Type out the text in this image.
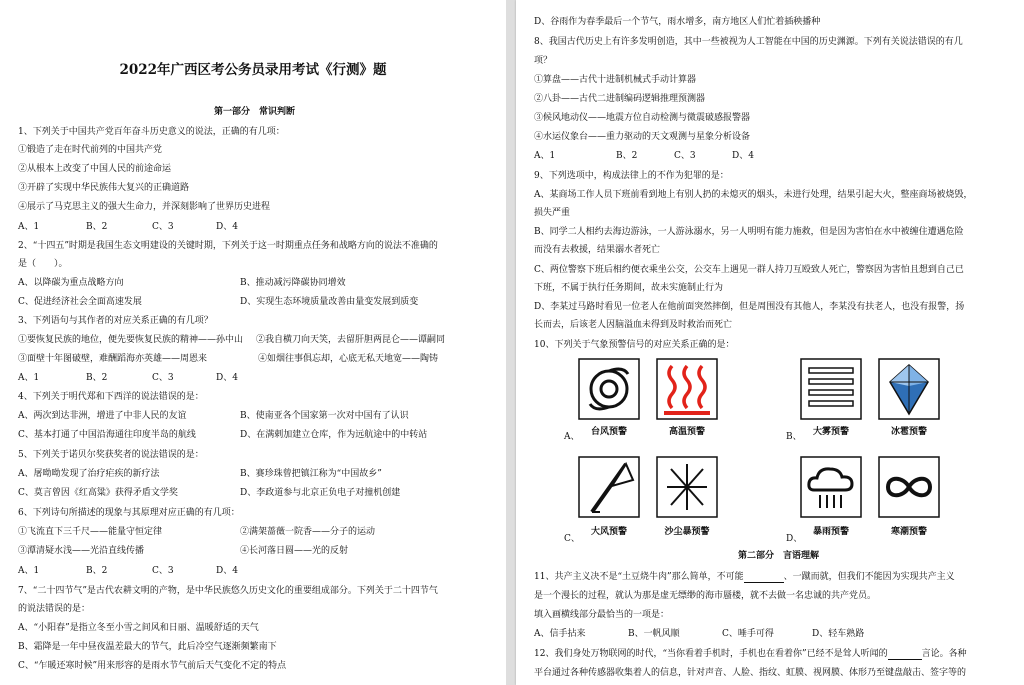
2022年广西区考公务员录用考试《行测》题
第一部分　常识判断
1、下列关于中国共产党百年奋斗历史意义的说法，正确的有几项：
①锻造了走在时代前列的中国共产党
②从根本上改变了中国人民的前途命运
③开辟了实现中华民族伟大复兴的正确道路
④展示了马克思主义的强大生命力，并深刻影响了世界历史进程
A、1	B、2	C、3	D、4
2、“十四五”时期是我国生态文明建设的关键时期，下列关于这一时期重点任务和战略方向的说法不准确的
是（　　）。
A、以降碳为重点战略方向	B、推动减污降碳协同增效
C、促进经济社会全面高速发展	D、实现生态环境质量改善由量变发展到质变
3、下列语句与其作者的对应关系正确的有几项？
①要恢复民族的地位，便先要恢复民族的精神——孙中山 ②我自横刀向天笑，去留肝胆两昆仑——谭嗣同
③面壁十年图破壁，难酬蹈海亦英雄——周恩来	④如烟往事俱忘却，心底无私天地宽——陶铸
A、1	B、2	C、3	D、4
4、下列关于明代郑和下西洋的说法错误的是：
A、两次到达非洲，增进了中非人民的友谊	B、使南亚各个国家第一次对中国有了认识
C、基本打通了中国沿海通往印度半岛的航线	D、在满剌加建立仓库，作为远航途中的中转站
5、下列关于诺贝尔奖获奖者的说法错误的是：
A、屠呦呦发现了治疗疟疾的新疗法	B、赛珍珠曾把镇江称为“中国故乡”
C、莫言曾因《红高粱》获得矛盾文学奖	D、李政道参与北京正负电子对撞机创建
6、下列诗句所描述的现象与其原理对应正确的有几项：
①飞流直下三千尺——能量守恒定律	②满架蔷薇一院香——分子的运动
③潭清疑水浅——光沿直线传播	④长河落日圆——光的反射
A、1	B、2	C、3	D、4
7、“二十四节气”是古代农耕文明的产物，是中华民族悠久历史文化的重要组成部分。下列关于二十四节气
的说法错误的是：
A、“小阳春”是指立冬至小雪之间风和日丽、温暖舒适的天气
B、霜降是一年中昼夜温差最大的节气，此后冷空气逐渐频繁南下
C、“乍暖还寒时候”用来形容的是雨水节气前后天气变化不定的特点
D、谷雨作为春季最后一个节气，雨水增多，南方地区人们忙着插秧播种
8、我国古代历史上有许多发明创造，其中一些被视为人工智能在中国的历史渊源。下列有关说法错误的有几
项？
①算盘——古代十进制机械式手动计算器
②八卦——古代二进制编码逻辑推理预测器
③候风地动仪——地震方位自动检测与微震破感报警器
④水运仪象台——重力驱动的天文观测与星象分析设备
A、1	B、2	C、3	D、4
9、下列选项中，构成法律上的不作为犯罪的是：
A、某商场工作人员下班前看到地上有别人扔的未熄灭的烟头，未进行处理，结果引起大火，整座商场被烧毁，
损失严重
B、同学二人相约去海边游泳，一人游泳溺水，另一人明明有能力施救，但是因为害怕在水中被缠住遭遇危险
而没有去救援，结果溺水者死亡
C、两位警察下班后相约便衣乘坐公交，公交车上遇见一群人持刀互殴致人死亡，警察因为害怕且想到自己已
下班，不属于执行任务期间，故未实施制止行为
D、李某过马路时看见一位老人在他前面突然摔倒，但是周围没有其他人，李某没有扶老人，也没有报警，扬
长而去，后该老人因脑溢血未得到及时救治而死亡
10、下列关于气象预警信号的对应关系正确的是：
A、	台风预警	高温预警	B、	大雾预警	冰雹预警
C、
大风预警	沙尘暴预警
D、
暴雨预警	寒潮预警
第二部分　言语理解
11、共产主义决不是“土豆烧牛肉”那么简单，不可能	、一蹴而就，但我们不能因为实现共产主义
是一个漫长的过程，就认为那是虚无缥缈的海市蜃楼，就不去做一名忠诚的共产党员。
填入画横线部分最恰当的一项是：
A、信手拈来	B、一帆风顺	C、唾手可得	D、轻车熟路
12、我们身处万物联网的时代，“当你看着手机时，手机也在看着你”已经不是耸人听闻的	言论。各种
平台通过各种传感器收集着人的信息，针对声音、人脸、指纹、虹膜、视网膜、体形乃至键盘敲击、签字等的
